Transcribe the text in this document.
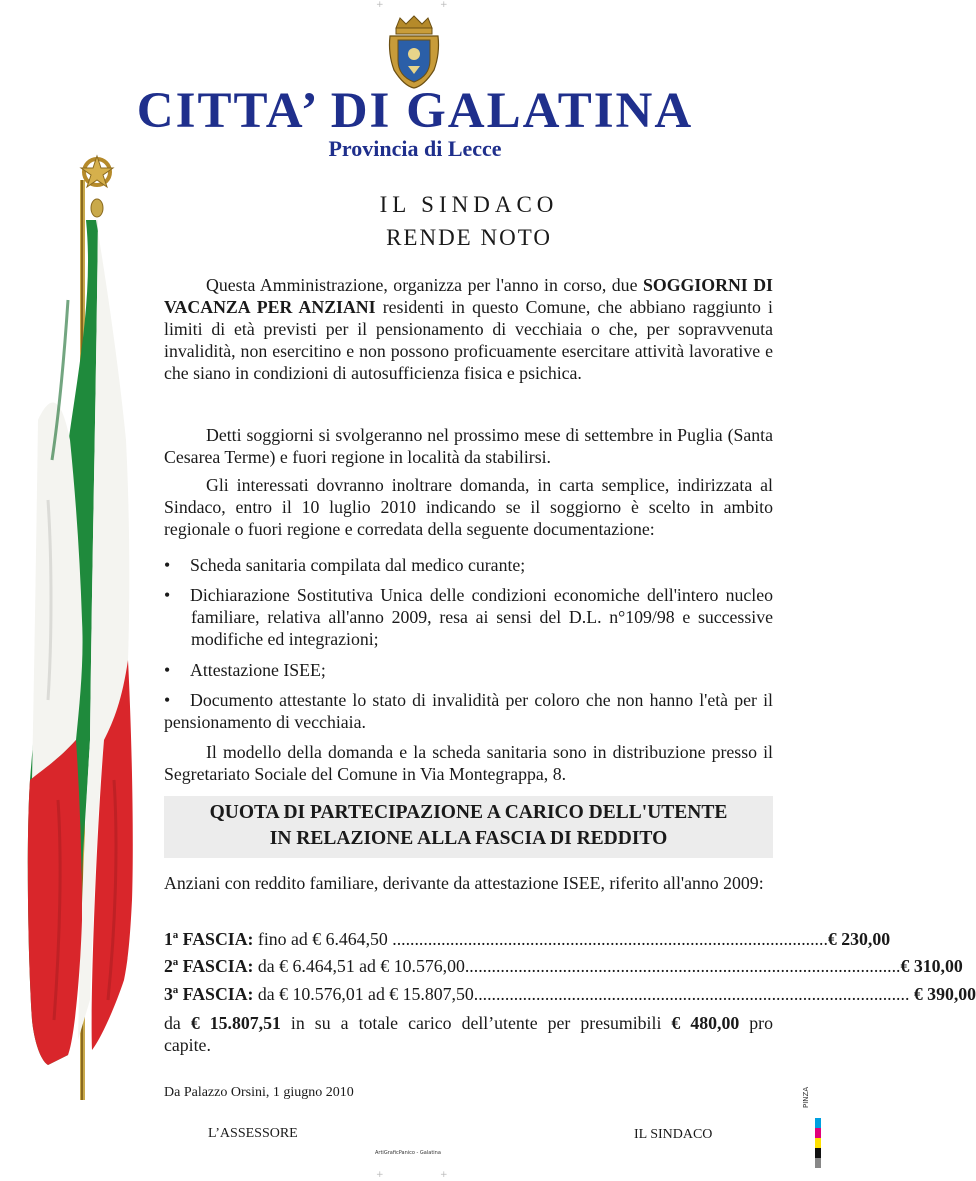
+	+
+	+
CITTA’ DI GALATINA
Provincia di Lecce
IL SINDACO
RENDE NOTO
Questa Amministrazione, organizza per l'anno in corso, due SOGGIORNI DI VACANZA PER ANZIANI residenti in questo Comune, che abbiano raggiunto i limiti di età previsti per il pensionamento di vecchiaia o che, per sopravvenuta invalidità, non esercitino e non possono proficuamente esercitare attività lavorative e che siano in condizioni di autosufficienza fisica e psichica.
Detti soggiorni si svolgeranno nel prossimo mese di settembre in Puglia (Santa Cesarea Terme) e fuori regione in località da stabilirsi.
Gli interessati dovranno inoltrare domanda, in carta semplice, indirizzata al Sindaco, entro il 10 luglio 2010 indicando se il soggiorno è scelto in ambito regionale o fuori regione e corredata della seguente documentazione:
• Scheda sanitaria compilata dal medico curante;
• Dichiarazione Sostitutiva Unica delle condizioni economiche dell'intero nucleo familiare, relativa all'anno 2009, resa ai sensi del D.L. n°109/98 e successive modifiche ed integrazioni;
• Attestazione ISEE;
• Documento attestante lo stato di invalidità per coloro che non hanno l'età per il pensionamento di vecchiaia.
Il modello della domanda e la scheda sanitaria sono in distribuzione presso il Segretariato Sociale del Comune in Via Montegrappa, 8.
QUOTA DI PARTECIPAZIONE A CARICO DELL'UTENTE
IN RELAZIONE ALLA FASCIA DI REDDITO
Anziani con reddito familiare, derivante da attestazione ISEE, riferito all'anno 2009:
1ª FASCIA: fino ad € 6.464,50 .................................................................................................. € 230,00
2ª FASCIA: da € 6.464,51 ad € 10.576,00 .................................................................................................. € 310,00
3ª FASCIA: da € 10.576,01 ad € 15.807,50 .................................................................................................. € 390,00
da € 15.807,51 in su a totale carico dell’utente per presumibili € 480,00 pro capite.
Da Palazzo Orsini, 1 giugno 2010
L’ASSESSORE	IL SINDACO
ArtiGraficPanico - Galatina
PINZA
